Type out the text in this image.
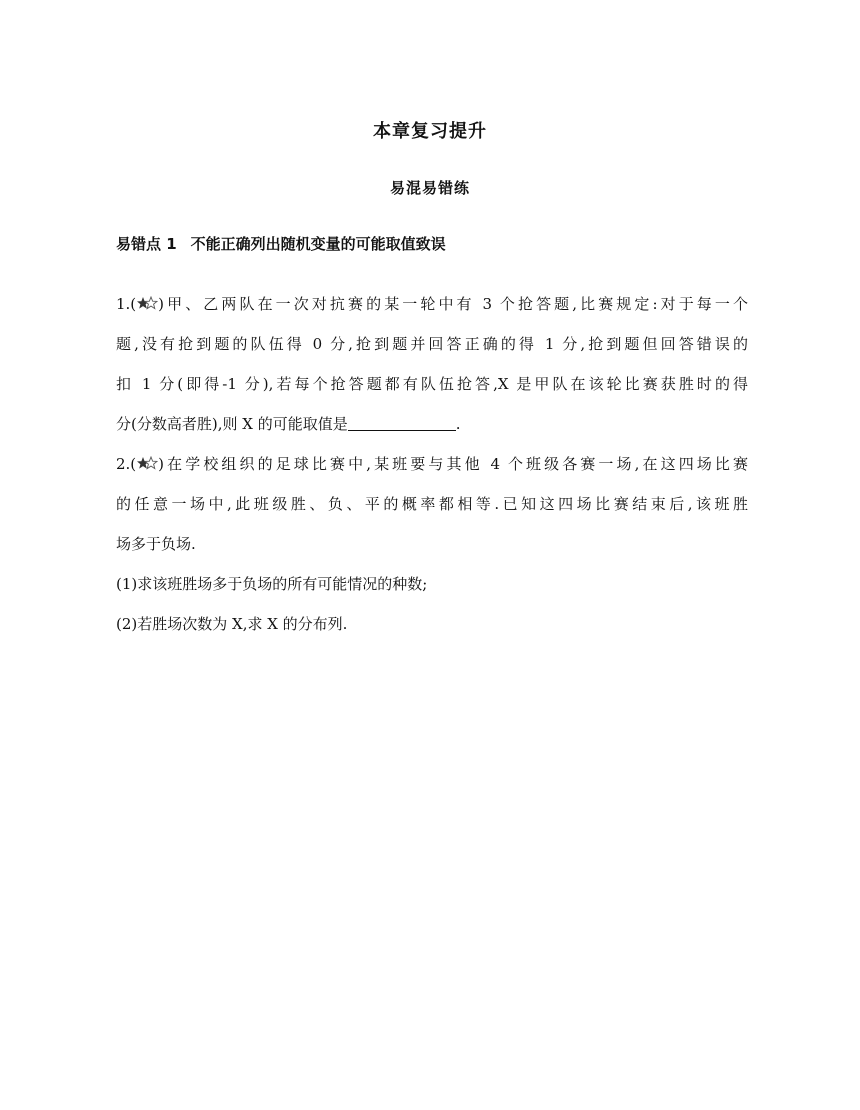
本章复习提升
易混易错练
易错点 1 不能正确列出随机变量的可能取值致误
1.( )甲、乙两队在一次对抗赛的某一轮中有 3 个抢答题,比赛规定:对于每一个
题,没有抢到题的队伍得 0 分,抢到题并回答正确的得 1 分,抢到题但回答错误的
扣 1 分(即得-1 分),若每个抢答题都有队伍抢答,X 是甲队在该轮比赛获胜时的得
分(分数高者胜),则 X 的可能取值是	.
2.( )在学校组织的足球比赛中,某班要与其他 4 个班级各赛一场,在这四场比赛
的任意一场中,此班级胜、负、平的概率都相等.已知这四场比赛结束后,该班胜
场多于负场.
(1)求该班胜场多于负场的所有可能情况的种数;
(2)若胜场次数为 X,求 X 的分布列.
